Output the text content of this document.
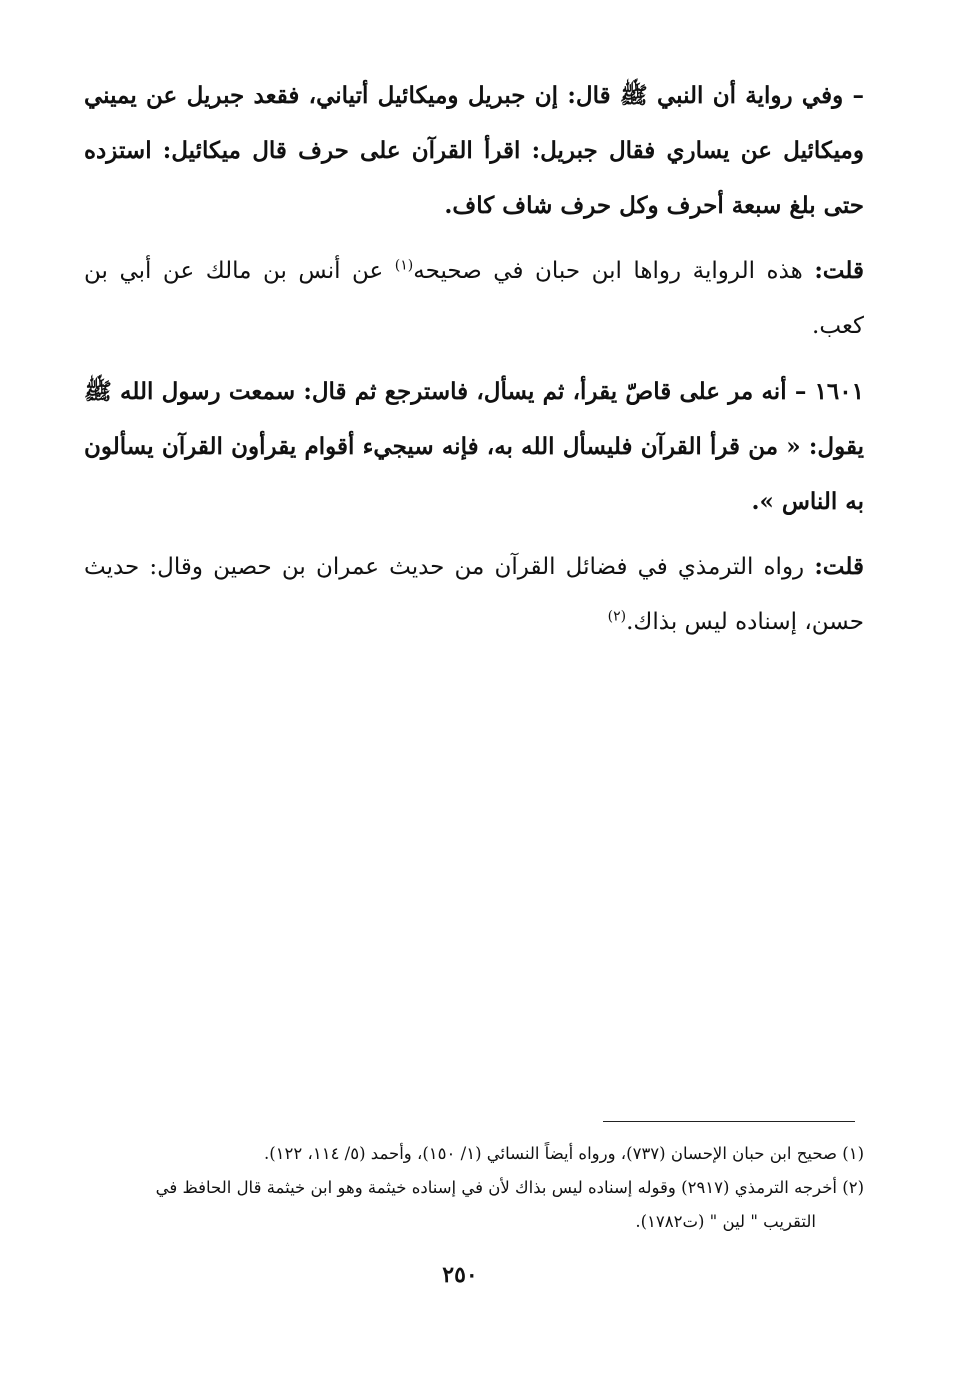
– وفي رواية أن النبي ﷺ قال: إن جبريل وميكائيل أتياني، فقعد جبريل عن يميني وميكائيل عن يساري فقال جبريل: اقرأ القرآن على حرف قال ميكائيل: استزده حتى بلغ سبعة أحرف وكل حرف شاف كاف.

قلت: هذه الرواية رواها ابن حبان في صحيحه$^{(١)}$ عن أنس بن مالك عن أبي بن كعب.

١٦٠١ – أنه مر على قاصّ يقرأ، ثم يسأل، فاسترجع ثم قال: سمعت رسول الله ﷺ يقول: « من قرأ القرآن فليسأل الله به، فإنه سيجيء أقوام يقرأون القرآن يسألون به الناس ».

قلت: رواه الترمذي في فضائل القرآن من حديث عمران بن حصين وقال: حديث حسن، إسناده ليس بذاك.$^{(٢)}$

(١) صحيح ابن حبان الإحسان (٧٣٧)، ورواه أيضاً النسائي (١/ ١٥٠)، وأحمد (٥/ ١١٤، ١٢٢).

(٢) أخرجه الترمذي (٢٩١٧) وقوله إسناده ليس بذاك لأن في إسناده خيثمة وهو ابن خيثمة قال الحافظ في

التقريب " لين " (ت١٧٨٢).

٢٥٠
